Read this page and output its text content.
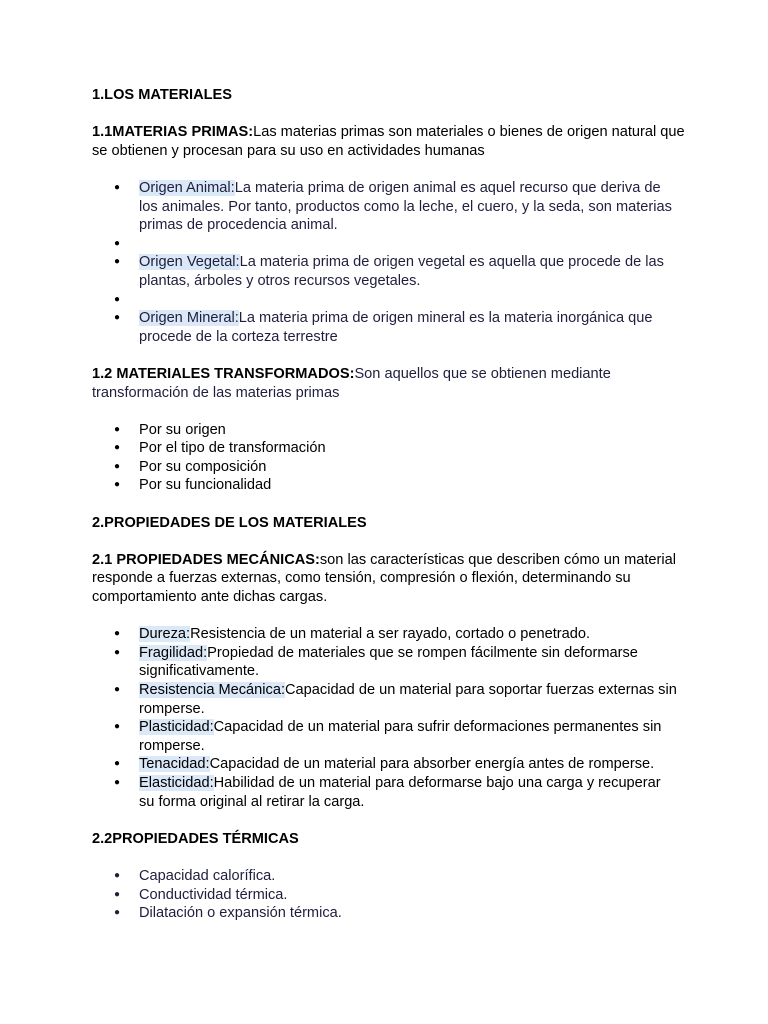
1.LOS MATERIALES

1.1MATERIAS PRIMAS:Las materias primas son materiales o bienes de origen natural que se obtienen y procesan para su uso en actividades humanas

● Origen Animal:La materia prima de origen animal es aquel recurso que deriva de los animales. Por tanto, productos como la leche, el cuero, y la seda, son materias primas de procedencia animal.
●
● Origen Vegetal:La materia prima de origen vegetal es aquella que procede de las plantas, árboles y otros recursos vegetales.
●
● Origen Mineral:La materia prima de origen mineral es la materia inorgánica que procede de la corteza terrestre

1.2 MATERIALES TRANSFORMADOS:Son aquellos que se obtienen mediante transformación de las materias primas

● Por su origen
● Por el tipo de transformación
● Por su composición
● Por su funcionalidad

2.PROPIEDADES DE LOS MATERIALES

2.1 PROPIEDADES MECÁNICAS:son las características que describen cómo un material responde a fuerzas externas, como tensión, compresión o flexión, determinando su comportamiento ante dichas cargas.

● Dureza:Resistencia de un material a ser rayado, cortado o penetrado.
● Fragilidad:Propiedad de materiales que se rompen fácilmente sin deformarse significativamente.
● Resistencia Mecánica:Capacidad de un material para soportar fuerzas externas sin romperse.
● Plasticidad:Capacidad de un material para sufrir deformaciones permanentes sin romperse.
● Tenacidad:Capacidad de un material para absorber energía antes de romperse.
● Elasticidad:Habilidad de un material para deformarse bajo una carga y recuperar su forma original al retirar la carga.

2.2PROPIEDADES TÉRMICAS

● Capacidad calorífica.
● Conductividad térmica.
● Dilatación o expansión térmica.
